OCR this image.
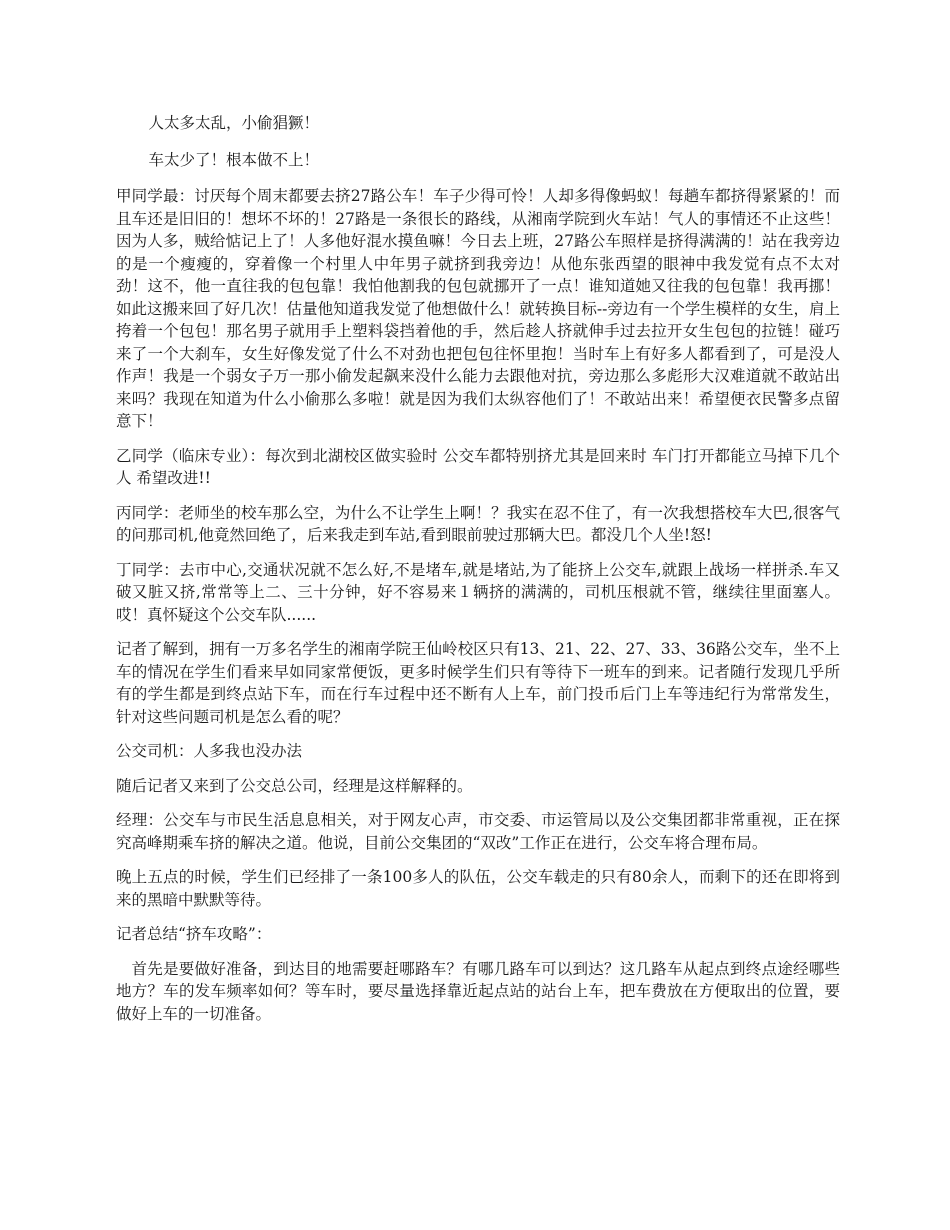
人太多太乱，小偷猖獗！

车太少了！根本做不上！

甲同学最：讨厌每个周末都要去挤27路公车！车子少得可怜！人却多得像蚂蚁！每趟车都挤得紧紧的！而且车还是旧旧的！想坏不坏的！27路是一条很长的路线，从湘南学院到火车站！气人的事情还不止这些！因为人多，贼给惦记上了！人多他好混水摸鱼嘛！今日去上班，27路公车照样是挤得满满的！站在我旁边的是一个瘦瘦的，穿着像一个村里人中年男子就挤到我旁边！从他东张西望的眼神中我发觉有点不太对劲！这不，他一直往我的包包靠！我怕他割我的包包就挪开了一点！谁知道她又往我的包包靠！我再挪！如此这搬来回了好几次！估量他知道我发觉了他想做什么！就转换目标--旁边有一个学生模样的女生，肩上挎着一个包包！那名男子就用手上塑料袋挡着他的手，然后趁人挤就伸手过去拉开女生包包的拉链！碰巧来了一个大刹车，女生好像发觉了什么不对劲也把包包往怀里抱！当时车上有好多人都看到了，可是没人作声！我是一个弱女子万一那小偷发起飙来没什么能力去跟他对抗，旁边那么多彪形大汉难道就不敢站出来吗？我现在知道为什么小偷那么多啦！就是因为我们太纵容他们了！不敢站出来！希望便衣民警多点留意下！

乙同学（临床专业）：每次到北湖校区做实验时 公交车都特别挤尤其是回来时 车门打开都能立马掉下几个人 希望改进!!

丙同学：老师坐的校车那么空，为什么不让学生上啊！？我实在忍不住了，有一次我想搭校车大巴,很客气的问那司机,他竟然回绝了，后来我走到车站,看到眼前驶过那辆大巴。都没几个人坐!怒!

丁同学：去市中心,交通状况就不怎么好,不是堵车,就是堵站,为了能挤上公交车,就跟上战场一样拼杀.车又破又脏又挤,常常等上二、三十分钟，好不容易来１辆挤的满满的，司机压根就不管，继续往里面塞人。哎！真怀疑这个公交车队......

记者了解到，拥有一万多名学生的湘南学院王仙岭校区只有13、21、22、27、33、36路公交车，坐不上车的情况在学生们看来早如同家常便饭，更多时候学生们只有等待下一班车的到来。记者随行发现几乎所有的学生都是到终点站下车，而在行车过程中还不断有人上车，前门投币后门上车等违纪行为常常发生，针对这些问题司机是怎么看的呢？

公交司机：人多我也没办法

随后记者又来到了公交总公司，经理是这样解释的。

经理：公交车与市民生活息息相关，对于网友心声，市交委、市运管局以及公交集团都非常重视，正在探究高峰期乘车挤的解决之道。他说，目前公交集团的“双改”工作正在进行，公交车将合理布局。

晚上五点的时候，学生们已经排了一条100多人的队伍，公交车载走的只有80余人，而剩下的还在即将到来的黑暗中默默等待。

记者总结“挤车攻略”：

首先是要做好准备，到达目的地需要赶哪路车？有哪几路车可以到达？这几路车从起点到终点途经哪些地方？车的发车频率如何？等车时，要尽量选择靠近起点站的站台上车，把车费放在方便取出的位置，要做好上车的一切准备。
